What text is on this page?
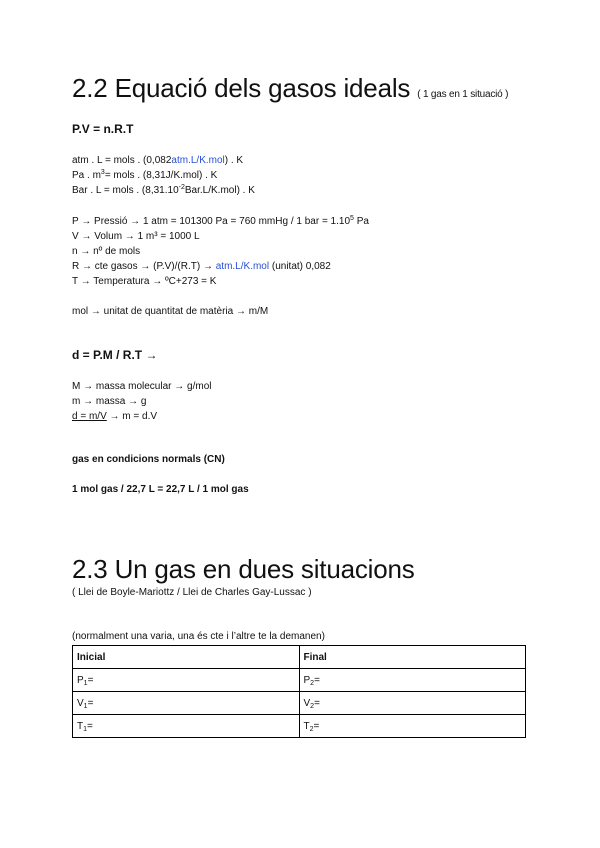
2.2 Equació dels gasos ideals ( 1 gas en 1 situació )
P.V = n.R.T
atm . L = mols . (0,082atm.L/K.mol) . K
Pa . $m^3=$ mols . (8,31J/K.mol) . K
Bar . L = mols . $(8,31.10^{-2}Bar.L/K.mol)$ . K
P → Pressió → 1 atm = 101300 Pa = 760 mmHg / 1 bar = $1.10^5$ Pa
V → Volum → 1 m³ = 1000 L
n → nº de mols
R → cte gasos → (P.V)/(R.T) → atm.L/K.mol (unitat) 0,082
T → Temperatura → ºC+273 = K
mol → unitat de quantitat de matèria → m/M
d = P.M / R.T →
M → massa molecular → g/mol
m → massa → g
d = m/V → m = d.V
gas en condicions normals (CN)
1 mol gas / 22,7 L = 22,7 L / 1 mol gas
2.3 Un gas en dues situacions
( Llei de Boyle-Mariottz / Llei de Charles Gay-Lussac )
(normalment una varia, una és cte i l’altre te la demanen)
Inicial	Final
$P_1=$	$P_2=$
$V_1=$	$V_2=$
$T_1=$	$T_2=$
